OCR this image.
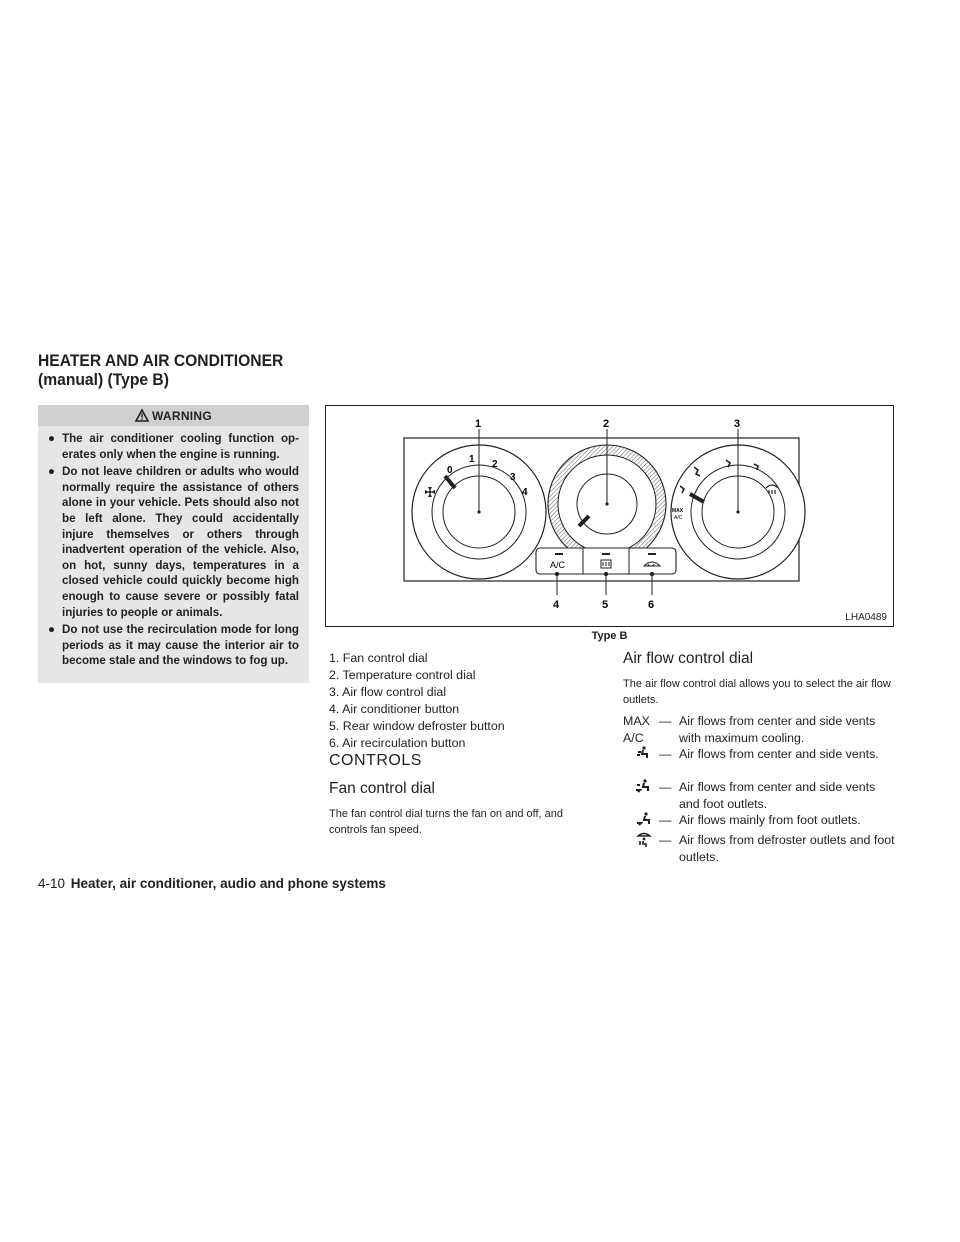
HEATER AND AIR CONDITIONER
(manual) (Type B)
WARNING
● The air conditioner cooling function op-erates only when the engine is running.
● Do not leave children or adults who would normally require the assistance of others alone in your vehicle. Pets should also not be left alone. They could accidentally injure themselves or others through inadvertent operation of the vehicle. Also, on hot, sunny days, temperatures in a closed vehicle could quickly become high enough to cause severe or possibly fatal injuries to people or animals.
● Do not use the recirculation mode for long periods as it may cause the interior air to become stale and the windows to fog up.
0
1 2
3
4
MAX
A/C
A/C
1	2	3
4	5	6
LHA0489
Type B
1. Fan control dial
2. Temperature control dial
3. Air flow control dial
4. Air conditioner button
5. Rear window defroster button
6. Air recirculation button
CONTROLS
Fan control dial
The fan control dial turns the fan on and off, and controls fan speed.
Air flow control dial
The air flow control dial allows you to select the air flow outlets.
MAX
A/C
— Air flows from center and side vents with maximum cooling.
— Air flows from center and side vents.
— Air flows from center and side vents and foot outlets.
— Air flows mainly from foot outlets.
— Air flows from defroster outlets and foot outlets.
4-10 Heater, air conditioner, audio and phone systems
